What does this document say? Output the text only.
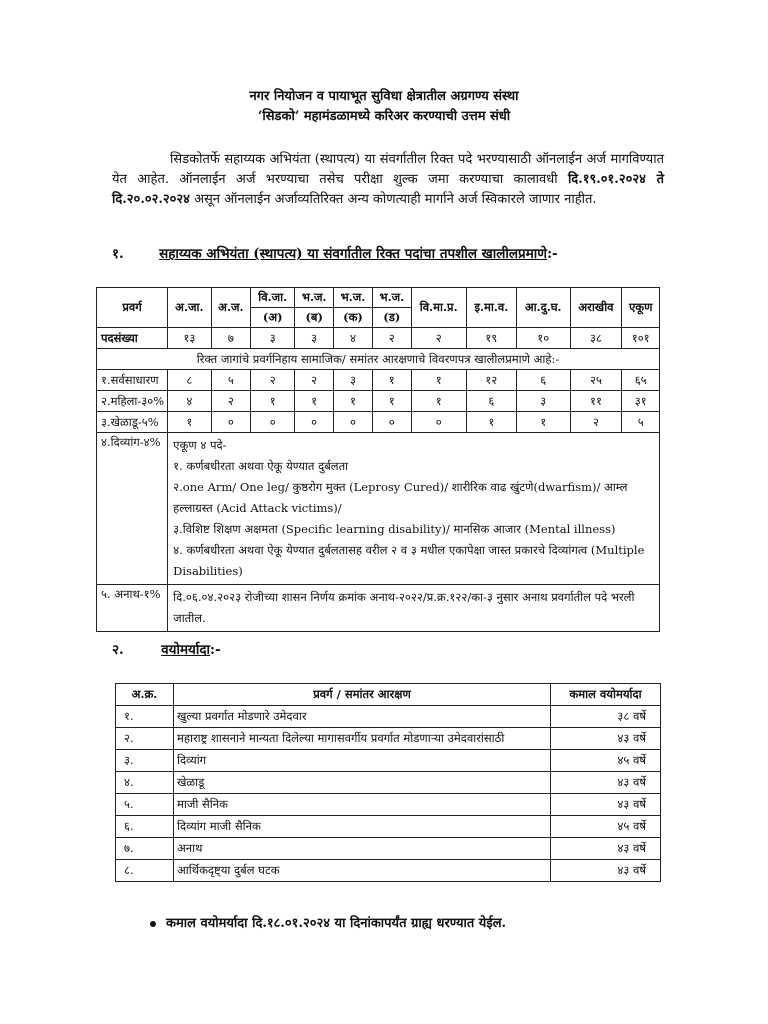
नगर नियोजन व पायाभूत सुविधा क्षेत्रातील अग्रगण्य संस्था
‘सिडको’ महामंडळामध्ये करिअर करण्याची उत्तम संधी
सिडकोतर्फे सहाय्यक अभियंता (स्थापत्य) या संवर्गातील रिक्त पदे भरण्यासाठी ऑनलाईन अर्ज मागविण्यात येत आहेत. ऑनलाईन अर्ज भरण्याचा तसेच परीक्षा शुल्क जमा करण्याचा कालावधी दि.१९.०१.२०२४ ते दि.२०.०२.२०२४ असून ऑनलाईन अर्जाव्यतिरिक्त अन्य कोणत्याही मार्गाने अर्ज स्विकारले जाणार नाहीत.
१.	सहाय्यक अभियंता (स्थापत्य) या संवर्गातील रिक्त पदांचा तपशील खालीलप्रमाणे:-
प्रवर्ग	अ.जा.	अ.ज.	वि.जा.	भ.ज.	भ.ज.	भ.ज.	वि.मा.प्र.	इ.मा.व.	आ.दु.घ.	अराखीव	एकूण
			(अ)	(ब)	(क)	(ड)					
पदसंख्या	१३	७	३	३	४	२	२	१९	१०	३८	१०१
रिक्त जागांचे प्रवर्गनिहाय सामाजिक/ समांतर आरक्षणाचे विवरणपत्र खालीलप्रमाणे आहे:-											
१.सर्वसाधारण	८	५	२	२	३	१	१	१२	६	२५	६५
२.महिला-३०%	४	२	१	१	१	१	१	६	३	११	३१
३.खेळाडू-५%	१	०	०	०	०	०	०	१	१	२	५
४.दिव्यांग-४%	एकूण ४ पदे-
१. कर्णबधीरता अथवा ऐकू येण्यात दुर्बलता
२.one Arm/ One leg/ कुष्ठरोग मुक्त (Leprosy Cured)/ शारीरिक वाढ खुंटणे(dwarfism)/ आम्ल हल्लाग्रस्त (Acid Attack victims)/
३.विशिष्ट शिक्षण अक्षमता (Specific learning disability)/ मानसिक आजार (Mental illness)
४. कर्णबधीरता अथवा ऐकू येण्यात दुर्बलतासह वरील २ व ३ मधील एकापेक्षा जास्त प्रकारचे दिव्यांगत्व (Multiple Disabilities)										

५. अनाथ-१%	दि.०६.०४.२०२३ रोजीच्या शासन निर्णय क्रमांक अनाथ-२०२२/प्र.क्र.१२२/का-३ नुसार अनाथ प्रवर्गातील पदे भरली जातील.										
२.	वयोमर्यादा:-
अ.क्र.	प्रवर्ग / समांतर आरक्षण	कमाल वयोमर्यादा
१.	खुल्या प्रवर्गात मोडणारे उमेदवार	३८ वर्षे
२.	महाराष्ट्र शासनाने मान्यता दिलेल्या मागासवर्गीय प्रवर्गात मोडणाऱ्या उमेदवारांसाठी	४३ वर्षे
३.	दिव्यांग	४५ वर्षे
४.	खेळाडू	४३ वर्षे
५.	माजी सैनिक	४३ वर्षे
६.	दिव्यांग माजी सैनिक	४५ वर्षे
७.	अनाथ	४३ वर्षे
८.	आर्थिकदृष्ट्या दुर्बल घटक	४३ वर्षे
कमाल वयोमर्यादा दि.१८.०१.२०२४ या दिनांकापर्यंत ग्राह्य धरण्यात येईल.
